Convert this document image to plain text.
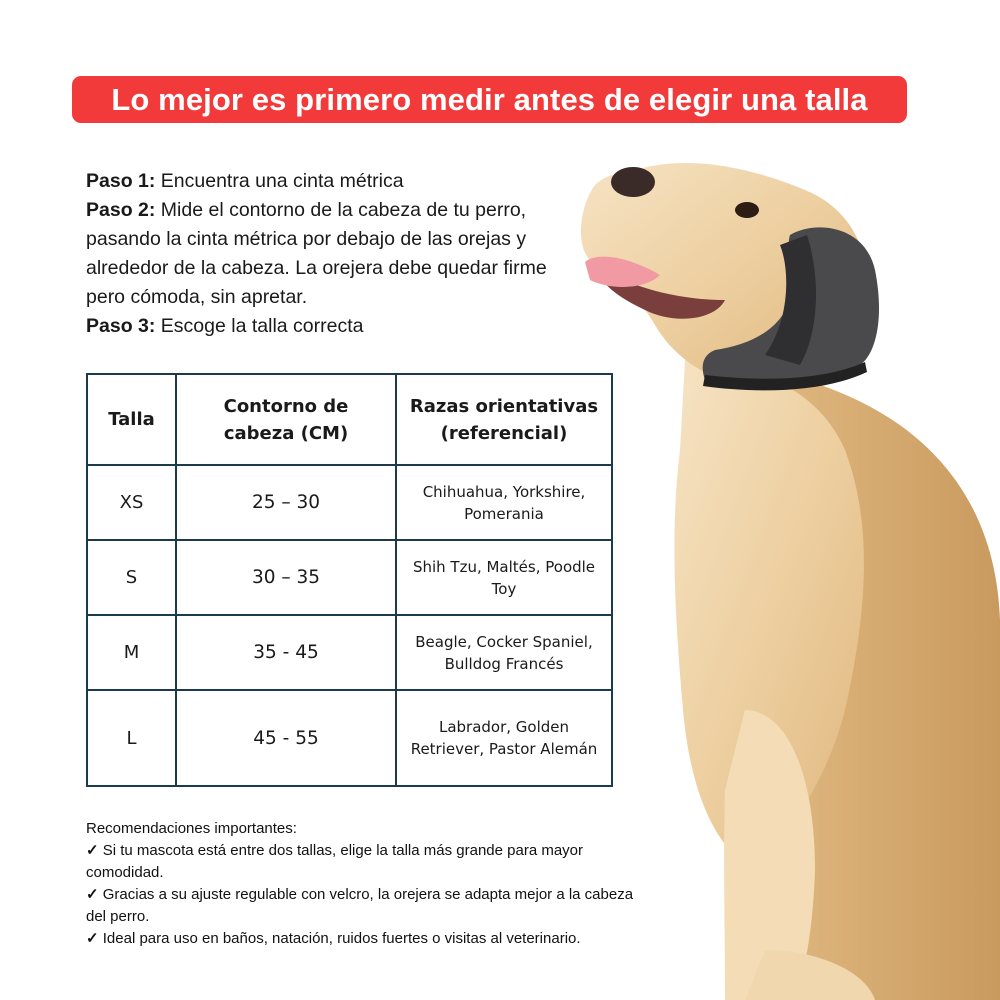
Lo mejor es primero medir antes de elegir una talla

Paso 1: Encuentra una cinta métrica

Paso 2: Mide el contorno de la cabeza de tu perro, pasando la cinta métrica por debajo de las orejas y alrededor de la cabeza. La orejera debe quedar firme pero cómoda, sin apretar.

Paso 3: Escoge la talla correcta

Talla	Contorno de cabeza (CM)	Razas orientativas (referencial)
XS	25 – 30	Chihuahua, Yorkshire, Pomerania
S	30 – 35	Shih Tzu, Maltés, Poodle Toy
M	35 - 45	Beagle, Cocker Spaniel, Bulldog Francés
L	45 - 55	Labrador, Golden Retriever, Pastor Alemán

Recomendaciones importantes:

✓ Si tu mascota está entre dos tallas, elige la talla más grande para mayor comodidad.

✓ Gracias a su ajuste regulable con velcro, la orejera se adapta mejor a la cabeza del perro.

✓ Ideal para uso en baños, natación, ruidos fuertes o visitas al veterinario.
